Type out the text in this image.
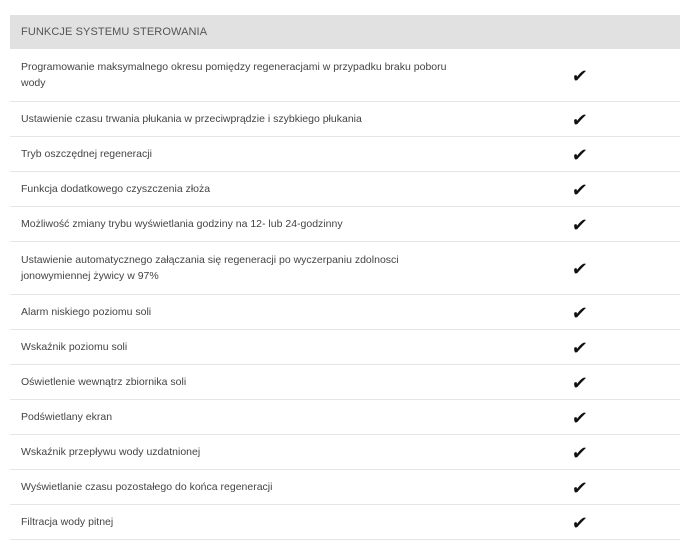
FUNKCJE SYSTEMU STEROWANIA	
Programowanie maksymalnego okresu pomiędzy regeneracjami w przypadku braku poboru wody	✔
Ustawienie czasu trwania płukania w przeciwprądzie i szybkiego płukania	✔
Tryb oszczędnej regeneracji	✔
Funkcja dodatkowego czyszczenia złoża	✔
Możliwość zmiany trybu wyświetlania godziny na 12- lub 24-godzinny	✔
Ustawienie automatycznego załączania się regeneracji po wyczerpaniu zdolnosci jonowymiennej żywicy w 97%	✔
Alarm niskiego poziomu soli	✔
Wskaźnik poziomu soli	✔
Oświetlenie wewnątrz zbiornika soli	✔
Podświetlany ekran	✔
Wskaźnik przepływu wody uzdatnionej	✔
Wyświetlanie czasu pozostałego do końca regeneracji	✔
Filtracja wody pitnej	✔
